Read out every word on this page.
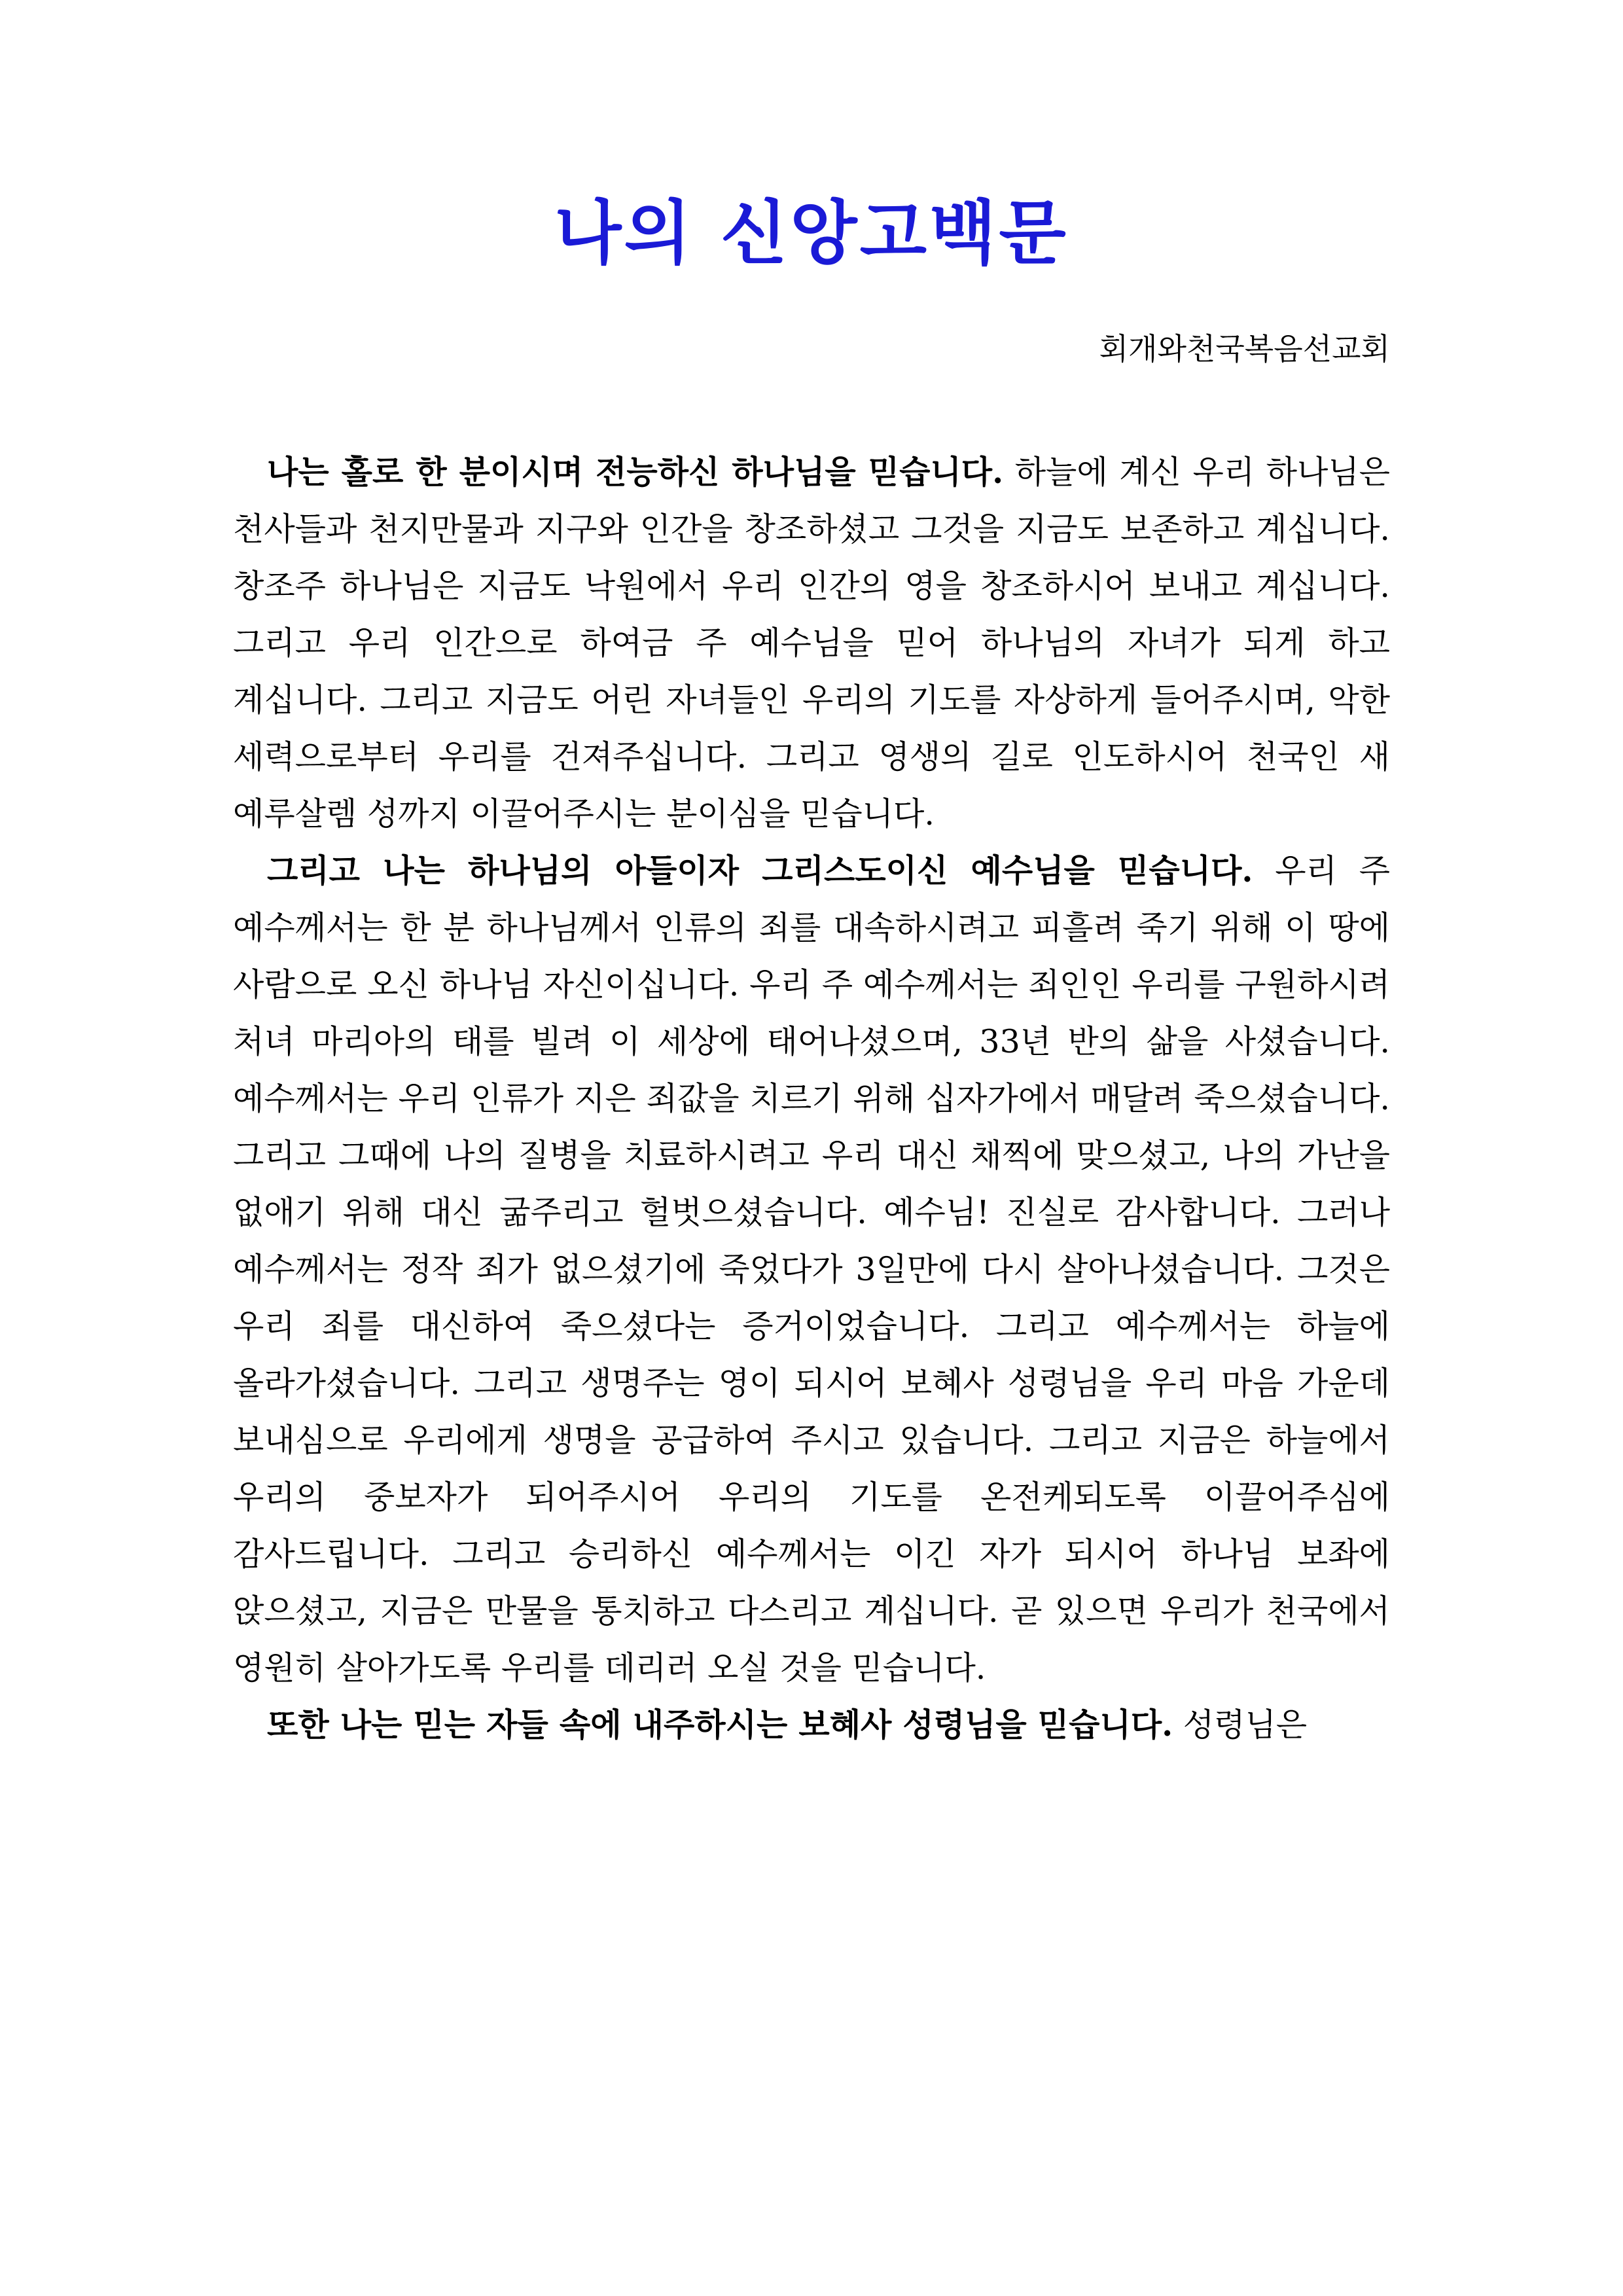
나의 신앙고백문
회개와천국복음선교회

나는 홀로 한 분이시며 전능하신 하나님을 믿습니다. 하늘에 계신 우리 하나님은 천사들과 천지만물과 지구와 인간을 창조하셨고 그것을 지금도 보존하고 계십니다. 창조주 하나님은 지금도 낙원에서 우리 인간의 영을 창조하시어 보내고 계십니다. 그리고 우리 인간으로 하여금 주 예수님을 믿어 하나님의 자녀가 되게 하고 계십니다. 그리고 지금도 어린 자녀들인 우리의 기도를 자상하게 들어주시며, 악한 세력으로부터 우리를 건져주십니다. 그리고 영생의 길로 인도하시어 천국인 새 예루살렘 성까지 이끌어주시는 분이심을 믿습니다.

그리고 나는 하나님의 아들이자 그리스도이신 예수님을 믿습니다. 우리 주 예수께서는 한 분 하나님께서 인류의 죄를 대속하시려고 피흘려 죽기 위해 이 땅에 사람으로 오신 하나님 자신이십니다. 우리 주 예수께서는 죄인인 우리를 구원하시려 처녀 마리아의 태를 빌려 이 세상에 태어나셨으며, 33년 반의 삶을 사셨습니다. 예수께서는 우리 인류가 지은 죄값을 치르기 위해 십자가에서 매달려 죽으셨습니다. 그리고 그때에 나의 질병을 치료하시려고 우리 대신 채찍에 맞으셨고, 나의 가난을 없애기 위해 대신 굶주리고 헐벗으셨습니다. 예수님! 진실로 감사합니다. 그러나 예수께서는 정작 죄가 없으셨기에 죽었다가 3일만에 다시 살아나셨습니다. 그것은 우리 죄를 대신하여 죽으셨다는 증거이었습니다. 그리고 예수께서는 하늘에 올라가셨습니다. 그리고 생명주는 영이 되시어 보혜사 성령님을 우리 마음 가운데 보내심으로 우리에게 생명을 공급하여 주시고 있습니다. 그리고 지금은 하늘에서 우리의 중보자가 되어주시어 우리의 기도를 온전케되도록 이끌어주심에 감사드립니다. 그리고 승리하신 예수께서는 이긴 자가 되시어 하나님 보좌에 앉으셨고, 지금은 만물을 통치하고 다스리고 계십니다. 곧 있으면 우리가 천국에서 영원히 살아가도록 우리를 데리러 오실 것을 믿습니다.

또한 나는 믿는 자들 속에 내주하시는 보혜사 성령님을 믿습니다. 성령님은
